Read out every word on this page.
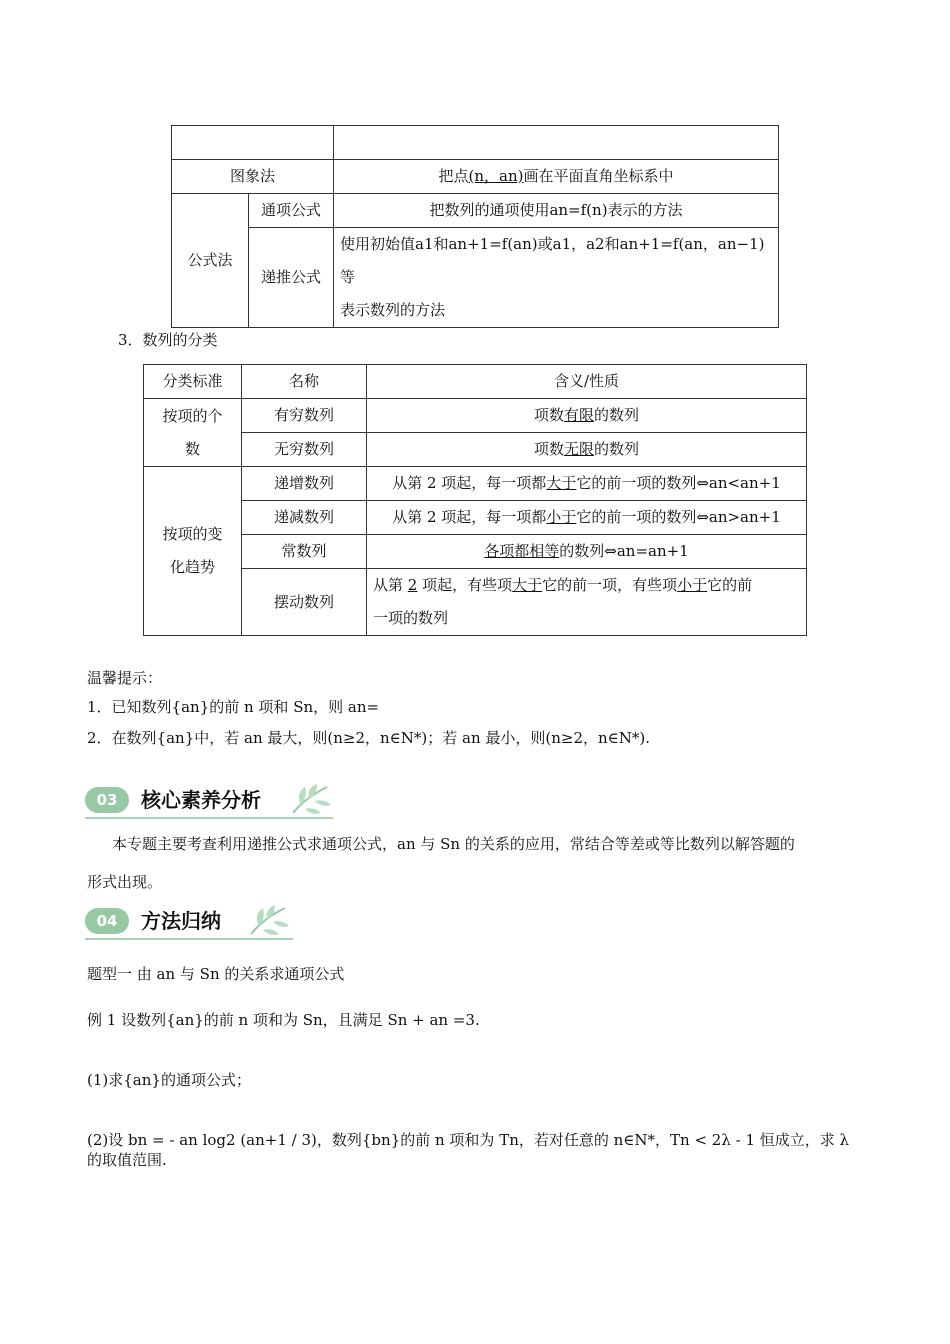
图象法		把点(n，an)画在平面直角坐标系中
公式法	通项公式	把数列的通项使用an=f(n)表示的方法
	递推公式	使用初始值a1和an+1=f(an)或a1，a2和an+1=f(an，an−1)等
表示数列的方法
3．数列的分类
分类标准	名称	含义/性质

按项的个
数	有穷数列	项数有限的数列
	无穷数列	项数无限的数列

按项的变
化趋势	递增数列	从第 2 项起，每一项都大于它的前一项的数列⇔an<an+1
	递减数列	从第 2 项起，每一项都小于它的前一项的数列⇔an>an+1
	常数列	各项都相等的数列⇔an=an+1
	摆动数列	从第 2 项起，有些项大于它的前一项，有些项小于它的前
一项的数列
温馨提示：
1．已知数列{an}的前 n 项和 Sn，则 an=
2．在数列{an}中，若 an 最大，则(n≥2，n∈N*)；若 an 最小，则(n≥2，n∈N*).
03	核心素养分析
本专题主要考查利用递推公式求通项公式，an 与 Sn 的关系的应用，常结合等差或等比数列以解答题的
形式出现。
04	方法归纳
题型一 由 an 与 Sn 的关系求通项公式
例 1 设数列{an}的前 n 项和为 Sn，且满足 Sn + an =3.
(1)求{an}的通项公式；
(2)设 bn = - an log2 (an+1 / 3)，数列{bn}的前 n 项和为 Tn，若对任意的 n∈N*，Tn < 2λ - 1 恒成立，求 λ 的取值范围.
